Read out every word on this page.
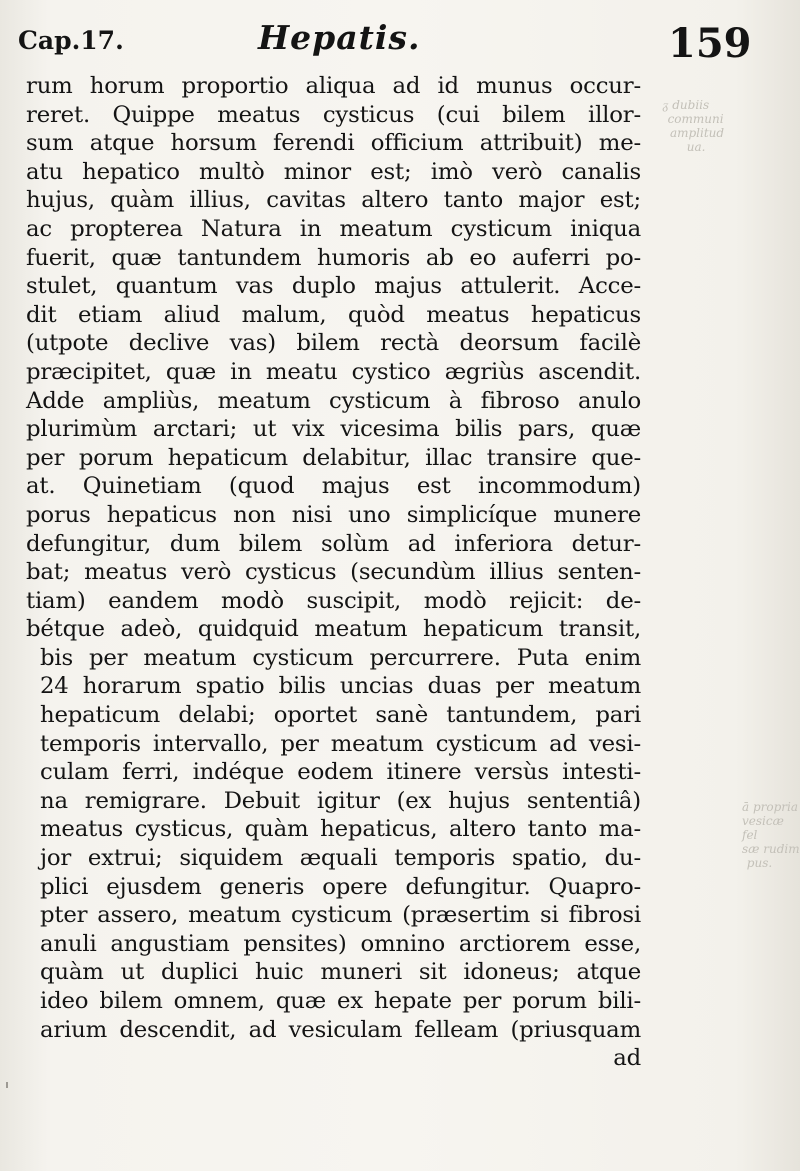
Cap.17.	Hepatis.	159
       ᵹ dubiis
         communi
          amplitud
                 ua.
ā propria
vesicæ fel
sæ rudim
  pus.
rum horum proportio aliqua ad id munus occur-
reret. Quippe meatus cysticus (cui bilem illor-
sum atque horsum ferendi officium attribuit) me-
atu hepatico multò minor est; imò verò canalis
hujus, quàm illius, cavitas altero tanto major est;
ac propterea Natura in meatum cysticum iniqua
fuerit, quæ tantundem humoris ab eo auferri po-
stulet, quantum vas duplo majus attulerit. Acce-
dit etiam aliud malum, quòd meatus hepaticus
(utpote declive vas) bilem rectà deorsum facilè
præcipitet, quæ in meatu cystico ægriùs ascendit.
Adde ampliùs, meatum cysticum à fibroso anulo
plurimùm arctari; ut vix vicesima bilis pars, quæ
per porum hepaticum delabitur, illac transire que-
at. Quinetiam (quod majus est incommodum)
porus hepaticus non nisi uno simplicíque munere
defungitur, dum bilem solùm ad inferiora detur-
bat; meatus verò cysticus (secundùm illius senten-
tiam) eandem modò suscipit, modò rejicit: de-
bétque adeò, quidquid meatum hepaticum transit,
bis per meatum cysticum percurrere. Puta enim
24 horarum spatio bilis uncias duas per meatum
hepaticum delabi; oportet sanè tantundem, pari
temporis intervallo, per meatum cysticum ad vesi-
culam ferri, indéque eodem itinere versùs intesti-
na remigrare. Debuit igitur (ex hujus sententiâ)
meatus cysticus, quàm hepaticus, altero tanto ma-
jor extrui; siquidem æquali temporis spatio, du-
plici ejusdem generis opere defungitur. Quapro-
pter assero, meatum cysticum (præsertim si fibrosi
anuli angustiam pensites) omnino arctiorem esse,
quàm ut duplici huic muneri sit idoneus; atque
ideo bilem omnem, quæ ex hepate per porum bili-
arium descendit, ad vesiculam felleam (priusquam
ad
